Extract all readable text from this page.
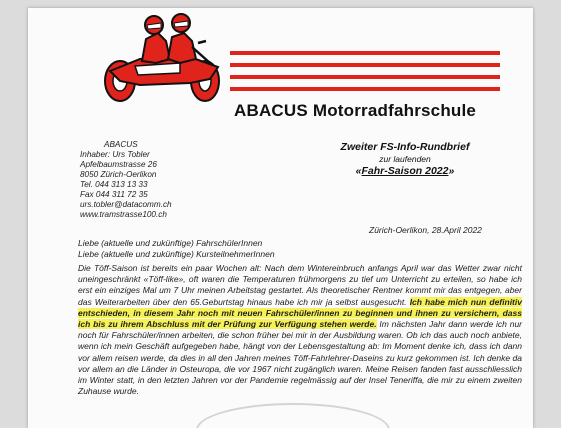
ABACUS Motorradfahrschule
ABACUS
Inhaber: Urs Tobler
Apfelbaumstrasse 26
8050 Zürich-Oerlikon
Tel. 044 313 13 33
Fax 044 311 72 35
urs.tobler@datacomm.ch
www.tramstrasse100.ch
Zweiter FS-Info-Rundbrief
zur laufenden
«Fahr-Saison 2022»
Zürich-Oerlikon, 28.April 2022
Liebe (aktuelle und zukünftige) FahrschülerInnen
Liebe (aktuelle und zukünftige) KursteilnehmerInnen
Die Töff-Saison ist bereits ein paar Wochen alt: Nach dem Wintereinbruch anfangs April war das Wetter zwar nicht uneingeschränkt «Töff-like», oft waren die Temperaturen frühmorgens zu tief um Unterricht zu erteilen, so habe ich erst ein einziges Mal um 7 Uhr meinen Arbeitstag gestartet. Als theoretischer Rentner kommt mir das entgegen, aber das Weiterarbeiten über den 65.Geburtstag hinaus habe ich mir ja selbst ausgesucht. Ich habe mich nun definitiv entschieden, in diesem Jahr noch mit neuen Fahrschüler/innen zu beginnen und ihnen zu versichern, dass ich bis zu ihrem Abschluss mit der Prüfung zur Verfügung stehen werde. Im nächsten Jahr dann werde ich nur noch für Fahrschüler/innen arbeiten, die schon früher bei mir in der Ausbildung waren. Ob ich das auch noch anbiete, wenn ich mein Geschäft aufgegeben habe, hängt von der Lebensgestaltung ab: Im Moment denke ich, dass ich dann vor allem reisen werde, da dies in all den Jahren meines Töff-Fahrlehrer-Daseins zu kurz gekommen ist. Ich denke da vor allem an die Länder in Osteuropa, die vor 1967 nicht zugänglich waren. Meine Reisen fanden fast ausschliesslich im Winter statt, in den letzten Jahren vor der Pandemie regelmässig auf der Insel Teneriffa, die mir zu einem zweiten Zuhause wurde.
